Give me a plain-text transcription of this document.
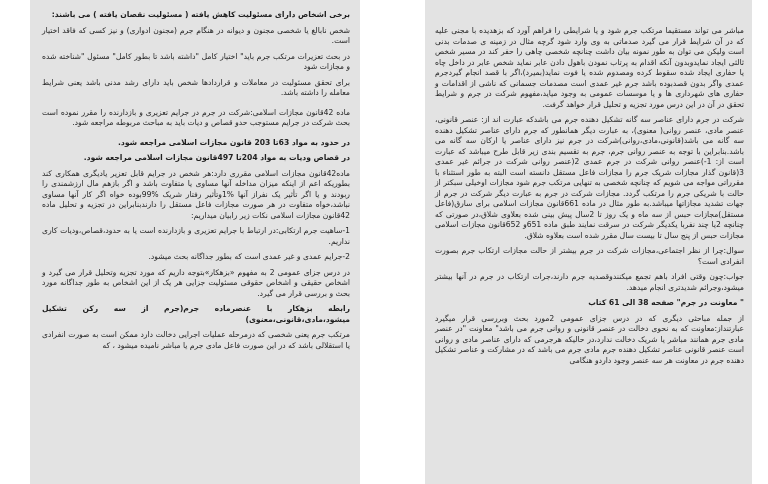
برخی اشخاص دارای مسئولیت کاهش یافته ( مسئولیت نقصان یافته ) می باشند:

شخص نابالغ یا شخصی مجنون و دیوانه در هنگام جرم (مجنون ادواری) و نیز کسی که فاقد اختیار است.

در بحث تعزیرات مرتکب جرم باید" اختیار کامل "داشته باشد تا بطور کامل" مسئول "شناخته شده و مجازات شود

برای تحقق مسئولیت در معاملات و قراردادها شخص باید دارای رشد مدنی باشد یعنی شرایط معامله را داشته باشد.

ماده 42قانون مجازات اسلامی:شرکت در جرم در جرایم تعزیری و بازدارنده را مقرر نموده است بحث شرکت در جرایم مستوجب حدو قصاص و دیات باید به مباحث مربوطه مراجعه شود.

در حدود به مواد 63تا 203 قانون مجازات اسلامی مراجعه شود.

در قصاص ودیات به مواد 204تا 497قانون مجازات اسلامی مراجعه شود.

ماده42قانون مجازات اسلامی مقرری دارد:هر شخص در جرایم قابل تعزیر یادیگری همکاری کند بطوریکه اعم از اینکه میزان مداخله آنها مساوی یا متفاوت باشد و اگر بازهم مال ارزشمندی را ربودند و یا اگر تأثیر یک نفراز آنها %1وتأثیر رفتار شریک %99بوده خواه اگر کار آنها مساوی نباشد،خواه متفاوت در هر صورت مجازات فاعل مستقل را دارندبنابراین در تجزیه و تحلیل ماده 42قانون مجازات اسلامی نکات زیر رابیان میداریم:

1-ساهیت جرم ارتکابی:در ارتباط با جرایم تعزیری و بازدارنده است یا به حدود،قصاص،ودیات کاری نداریم.

2-جرایم عمدی و غیر عمدی است که بطور جداگانه بحث میشود.

در درس جزای عمومی 2 به مفهوم «بزهکار»بتوجه داریم که مورد تجزیه وتحلیل قرار می گیرد و اشخاص حقیقی و اشخاص حقوقی مسئولیت جزایی هر یک از این اشخاص به طور جداگانه مورد بحث و بررسی قرار می گیرد.

رابطه بزهکار با عنصرماده جرم(جرم از سه رکن تشکیل میشود،مادی،قانونی،معنوی)

مرتکب جرم یعنی شخصی که درمرحله عملیات اجرایی دخالت دارد ممکن است به صورت انفرادی یا استقلالی باشد که در این صورت فاعل مادی جرم یا مباشر نامیده میشود ، که

مباشر می تواند مستقیما مرتکب جرم شود و یا شرایطی را فراهم آورد که بزهدیده با مجنی علیه که در آن شرایط قرار می گیرد صدماتی به وی وارد شود گرچه مثال در زمینه ی صدمات بدنی است ولیکن می توان به طور نمونه بیان داشت چنانچه شخصی چاهی را حفر کند در مسیر شخص ثالثی ایجاد نمایدوبدون آنکه اقدام به پرتاب نمودن باهول دادن عابر نماید شخص عابر در داخل چاه یا حفاری ایجاد شده سقوط کرده ومصدوم شده یا فوت نماید(بمیرد)،اگر با قصد انجام گیردجرم عمدی واگر بدون قصدبوده باشد جرم غیر عمدی است مصدمات جسمانی که ناشی از اقدامات و حفاری های شهرداری ها و یا موسسات عمومی به وجود میاید،مفهوم شرکت در جرم و شرایط تحقق در آن در این درس مورد تجزیه و تحلیل قرار خواهد گرفت.

شرکت در جرم دارای عناصر سه گانه تشکیل دهنده جرم می باشدکه عبارت اند از: عنصر قانونی، عنصر مادی، عنصر روانی( معنوی)، به عبارت دیگر همانطور که جرم دارای عناصر تشکیل دهنده سه گانه می باشد(قانونی،مادی،روانی)شرکت در جرم نیز دارای عناصر یا ارکان سه گانه می باشد.بنابراین با توجه به عنصر روانی جرم، جرم به تقسیم بندی زیر قابل طرح میباشد که عبارت است از: 1-)عنصر روانی شرکت در جرم عمدی 2(عنصر روانی شرکت در جرائم غیر عمدی 3(قانون گذار مجازات شریک جرم را مجازات فاعل مستقل دانسته است البته به طور استثناء با مقرراتی مواجه می شویم که چنانچه شخصی به تنهایی مرتکب جرم شود مجازات اوخیلی سبکتر از حالت با شریکی جرم را مرتکب گردد. مجازات شرکت در جرم به عبارت دیگر شرکت در جرم از جهات تشدید مجازاتها میباشد.به طور مثال در ماده 661قانون مجازات اسلامی برای سارق(فاعل مستقل)مجازات حبس از سه ماه و یک روز تا 2سال پیش بینی شده بعلاوی شلاق،در صورتی که چنانچه 2یا چند نفربا یکدیگر شرکت در سرقت نمایند طبق ماده 651و 652قانون مجازات اسلامی مجازات حبس از پنج سال تا بیست سال مقرر شده است بعلاوه شلاق.

سوال:چرا از نظر اجتماعی،مجازات شرکت در جرم بیشتر از حالت مجازات ارتکاب جرم بصورت انفرادی است؟

جواب:چون وقتی افراد باهم تجمع میکنندوقصدیه جرم دارند،جرات ارتکاب در جرم در آنها بیشتر میشود،وجرائم شدیدتری انجام میدهد.

" معاونت در جرم" صفحه 38 الی 61 کتاب

از جمله مباحثی دیگری که در درس جزای عمومی 2مورد بحث وبررسی قرار میگیرد عبارتنداز:معاونت که به نحوی دخالت در عنصر قانونی و روانی جرم می باشد" معاونت "در عنصر مادی جرم همانند مباشر یا شریک دخالت ندارد،در حالیکه هرجرمی که دارای عناصر مادی و روانی است عنصر قانونی عناصر تشکیل دهنده جرم مادی جرم می باشد که در مشارکت و عناصر تشکیل دهنده جرم در معاونت هر سه عنصر وجود داردو هنگامی
